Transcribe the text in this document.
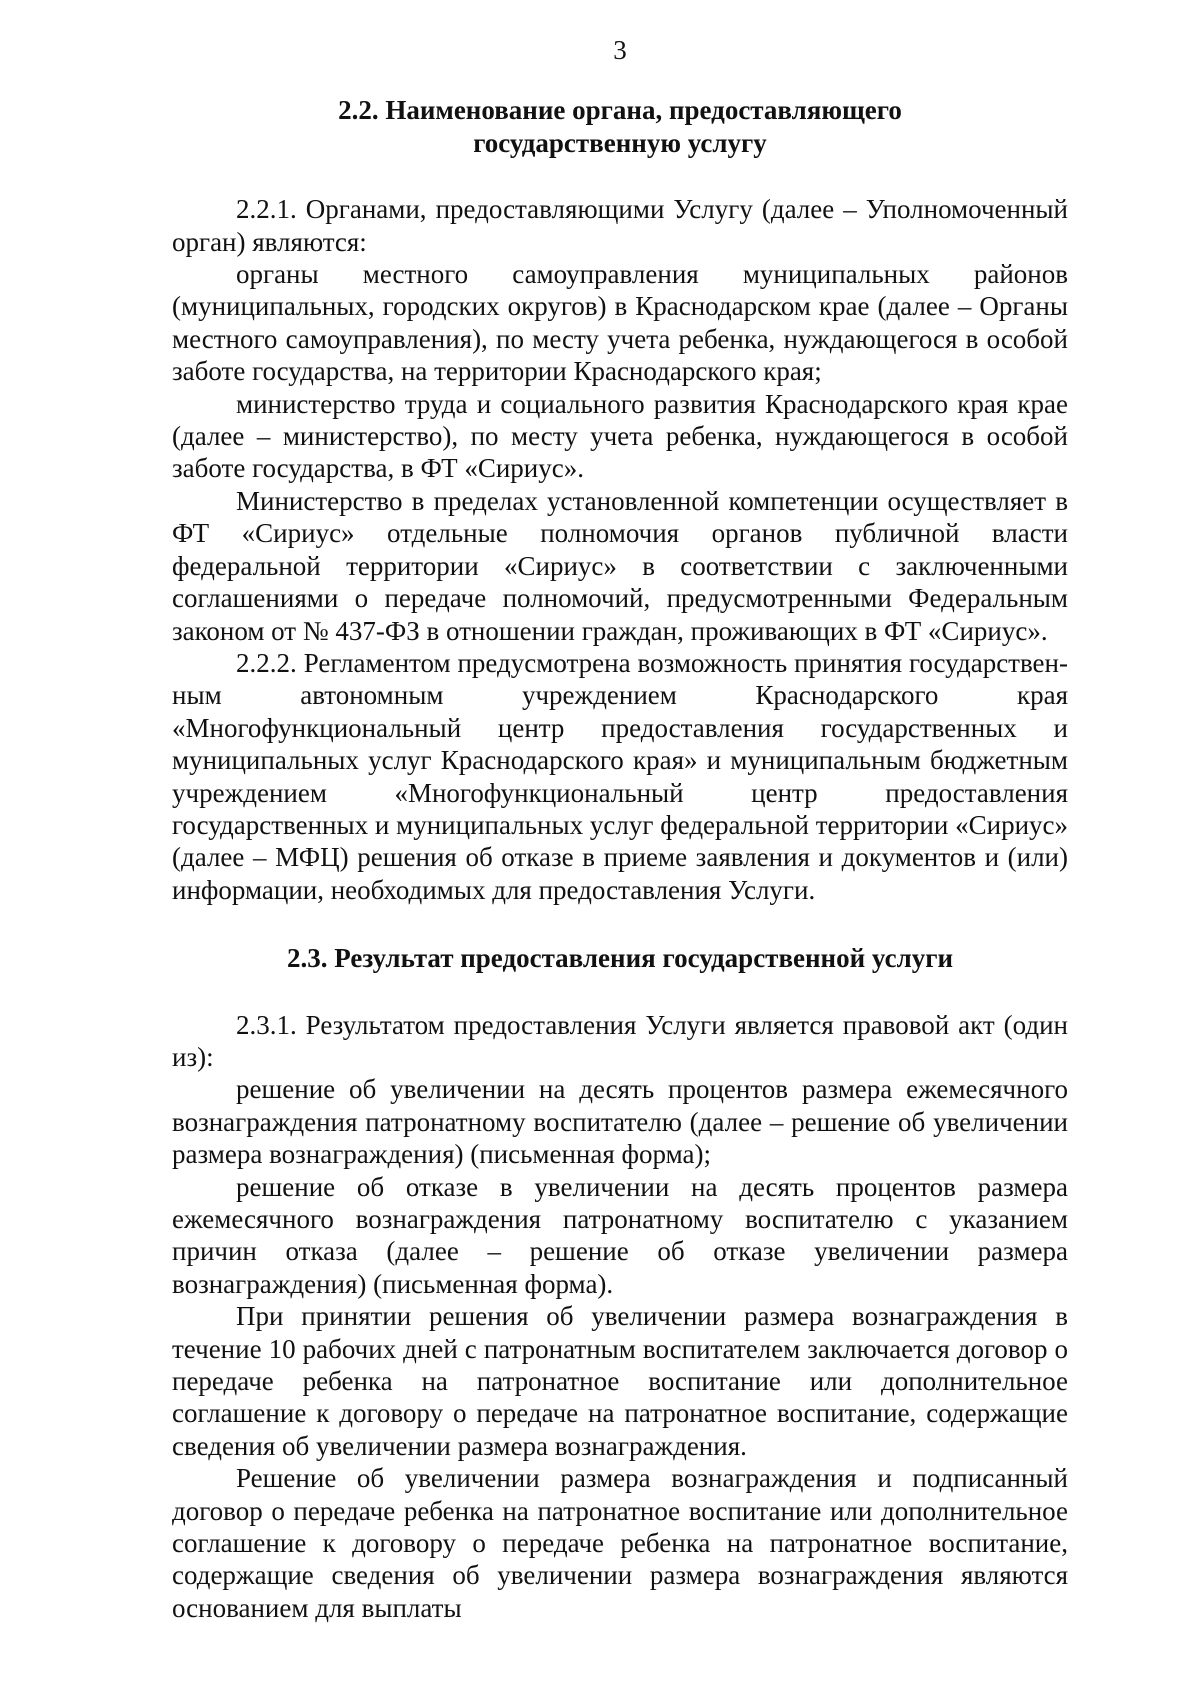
3
2.2. Наименование органа, предоставляющего
государственную услугу

2.2.1. Органами, предоставляющими Услугу (далее – Уполномоченный орган) являются:

органы местного самоуправления муниципальных районов (муниципальных, городских округов) в Краснодарском крае (далее – Органы местного самоуправления), по месту учета ребенка, нуждающегося в особой заботе государства, на территории Краснодарского края;

министерство труда и социального развития Краснодарского края крае (далее – министерство), по месту учета ребенка, нуждающегося в особой заботе государства, в ФТ «Сириус».

Министерство в пределах установленной компетенции осуществляет в ФТ «Сириус» отдельные полномочия органов публичной власти федеральной территории «Сириус» в соответствии с заключенными соглашениями о передаче полномочий, предусмотренными Федеральным законом от № 437-ФЗ в отношении граждан, проживающих в ФТ «Сириус».

2.2.2. Регламентом предусмотрена возможность принятия государственным автономным учреждением Краснодарского края «Многофункциональный центр предоставления государственных и муниципальных услуг Краснодарского края» и муниципальным бюджетным учреждением «Многофункциональный центр предоставления государственных и муниципальных услуг федеральной территории «Сириус» (далее – МФЦ) решения об отказе в приеме заявления и документов и (или) информации, необходимых для предоставления Услуги.

2.3. Результат предоставления государственной услуги

2.3.1. Результатом предоставления Услуги является правовой акт (один из):

решение об увеличении на десять процентов размера ежемесячного вознаграждения патронатному воспитателю (далее – решение об увеличении размера вознаграждения) (письменная форма);

решение об отказе в увеличении на десять процентов размера ежемесячного вознаграждения патронатному воспитателю с указанием причин отказа (далее – решение об отказе увеличении размера вознаграждения) (письменная форма).

При принятии решения об увеличении размера вознаграждения в течение 10 рабочих дней с патронатным воспитателем заключается договор о передаче ребенка на патронатное воспитание или дополнительное соглашение к договору о передаче на патронатное воспитание, содержащие сведения об увеличении размера вознаграждения.

Решение об увеличении размера вознаграждения и подписанный договор о передаче ребенка на патронатное воспитание или дополнительное соглашение к договору о передаче ребенка на патронатное воспитание, содержащие сведения об увеличении размера вознаграждения являются основанием для выплаты
